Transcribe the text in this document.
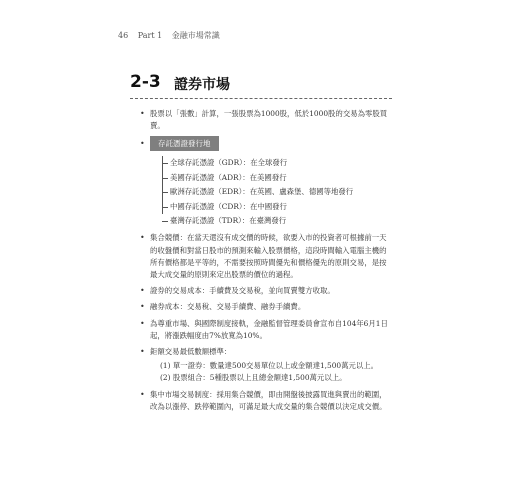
46 Part 1 金融市場常識
2-3 證券市場
• 股票以「張數」計算，一張股票為1000股，低於1000股的交易為零股買賣。
• 存託憑證發行地
全球存託憑證（GDR）：在全球發行
美國存託憑證（ADR）：在美國發行
歐洲存託憑證（EDR）：在英國、盧森堡、德國等地發行
中國存託憑證（CDR）：在中國發行
臺灣存託憑證（TDR）：在臺灣發行
• 集合競價：在當天還沒有成交價的時候，欲要入市的投資者可根據前一天的收盤價和對當日股市的預測來輸入股票價格，這段時間輸入電腦主機的所有價格都是平等的，不需要按照時間優先和價格優先的原則交易，是按最大成交量的原則來定出股票的價位的過程。
• 證券的交易成本：手續費及交易稅，並向買賣雙方收取。
• 融券成本：交易稅、交易手續費、融券手續費。
• 為尊重市場、與國際制度接軌，金融監督管理委員會宣布自104年6月1日起，將漲跌幅度由7%放寬為10%。
• 鉅額交易最低數額標準：
(1) 單一證券：數量達500交易單位以上或金額達1,500萬元以上。
(2) 股票組合：5種股票以上且總金額達1,500萬元以上。
• 集中市場交易制度：採用集合競價，即由開盤後披露買進與賣出的範圍，改為以漲停、跌停範圍內，可滿足最大成交量的集合競價以決定成交價。
